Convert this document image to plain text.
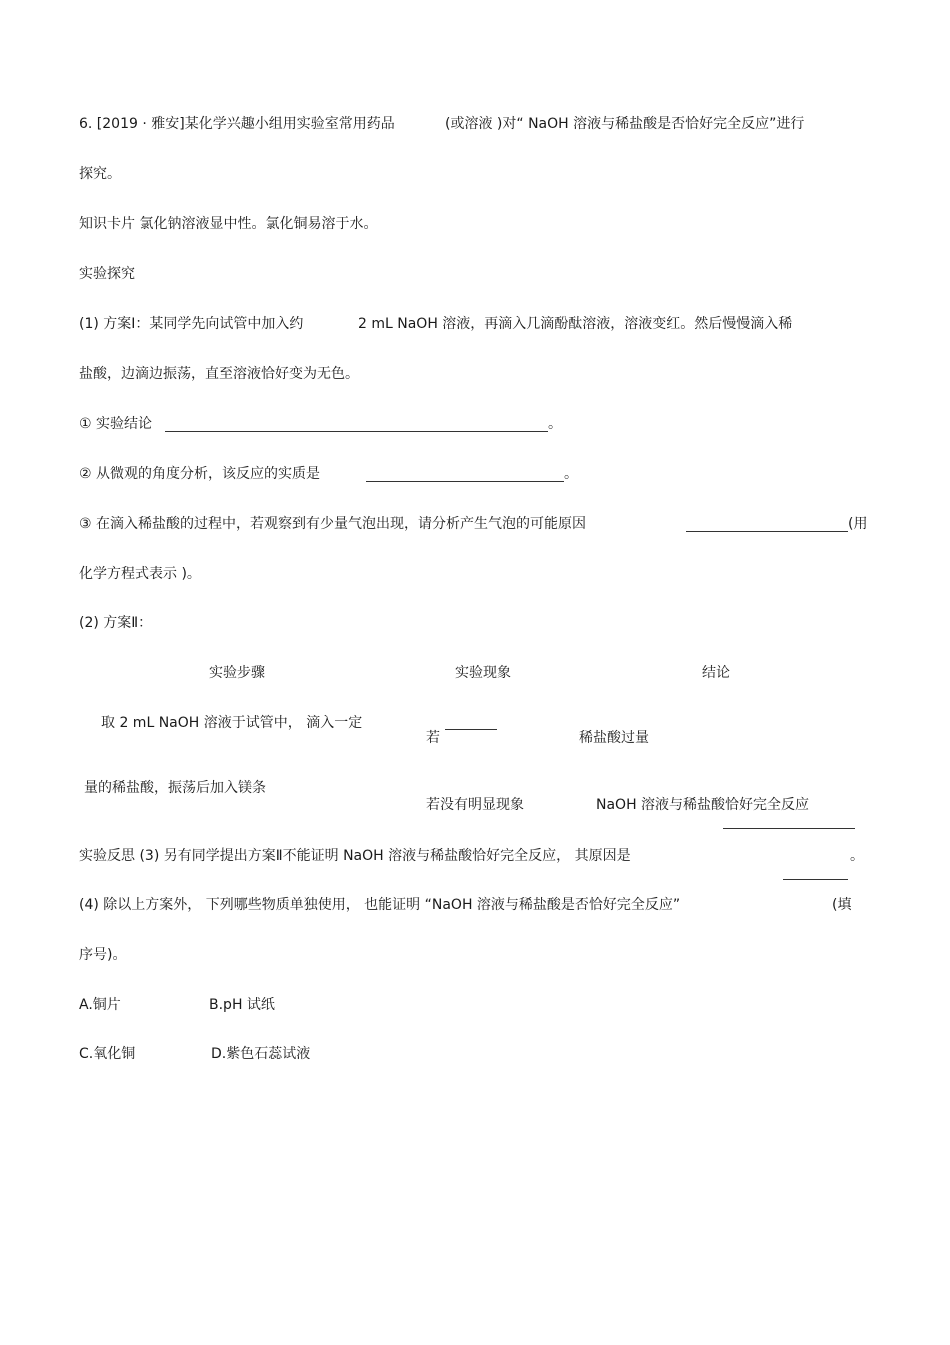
6. [2019 · 雅安]某化学兴趣小组用实验室常用药品	(或溶液 )对“ NaOH 溶液与稀盐酸是否恰好完全反应”进行
探究。
知识卡片 氯化钠溶液显中性。氯化铜易溶于水。
实验探究
(1) 方案Ⅰ：某同学先向试管中加入约	2 mL NaOH 溶液，再滴入几滴酚酞溶液，溶液变红。然后慢慢滴入稀
盐酸，边滴边振荡，直至溶液恰好变为无色。
① 实验结论	。
② 从微观的角度分析，该反应的实质是	。
③ 在滴入稀盐酸的过程中，若观察到有少量气泡出现，请分析产生气泡的可能原因	(用
化学方程式表示 )。
(2) 方案Ⅱ：
实验步骤	实验现象	结论
取 2 mL NaOH 溶液于试管中， 滴入一定
量的稀盐酸，振荡后加入镁条
若	稀盐酸过量
若没有明显现象	NaOH 溶液与稀盐酸恰好完全反应
实验反思 (3) 另有同学提出方案Ⅱ不能证明 NaOH 溶液与稀盐酸恰好完全反应， 其原因是	。
(4) 除以上方案外， 下列哪些物质单独使用， 也能证明 “NaOH 溶液与稀盐酸是否恰好完全反应”	(填
序号)。
A.铜片	B.pH 试纸
C.氧化铜	D.紫色石蕊试液
